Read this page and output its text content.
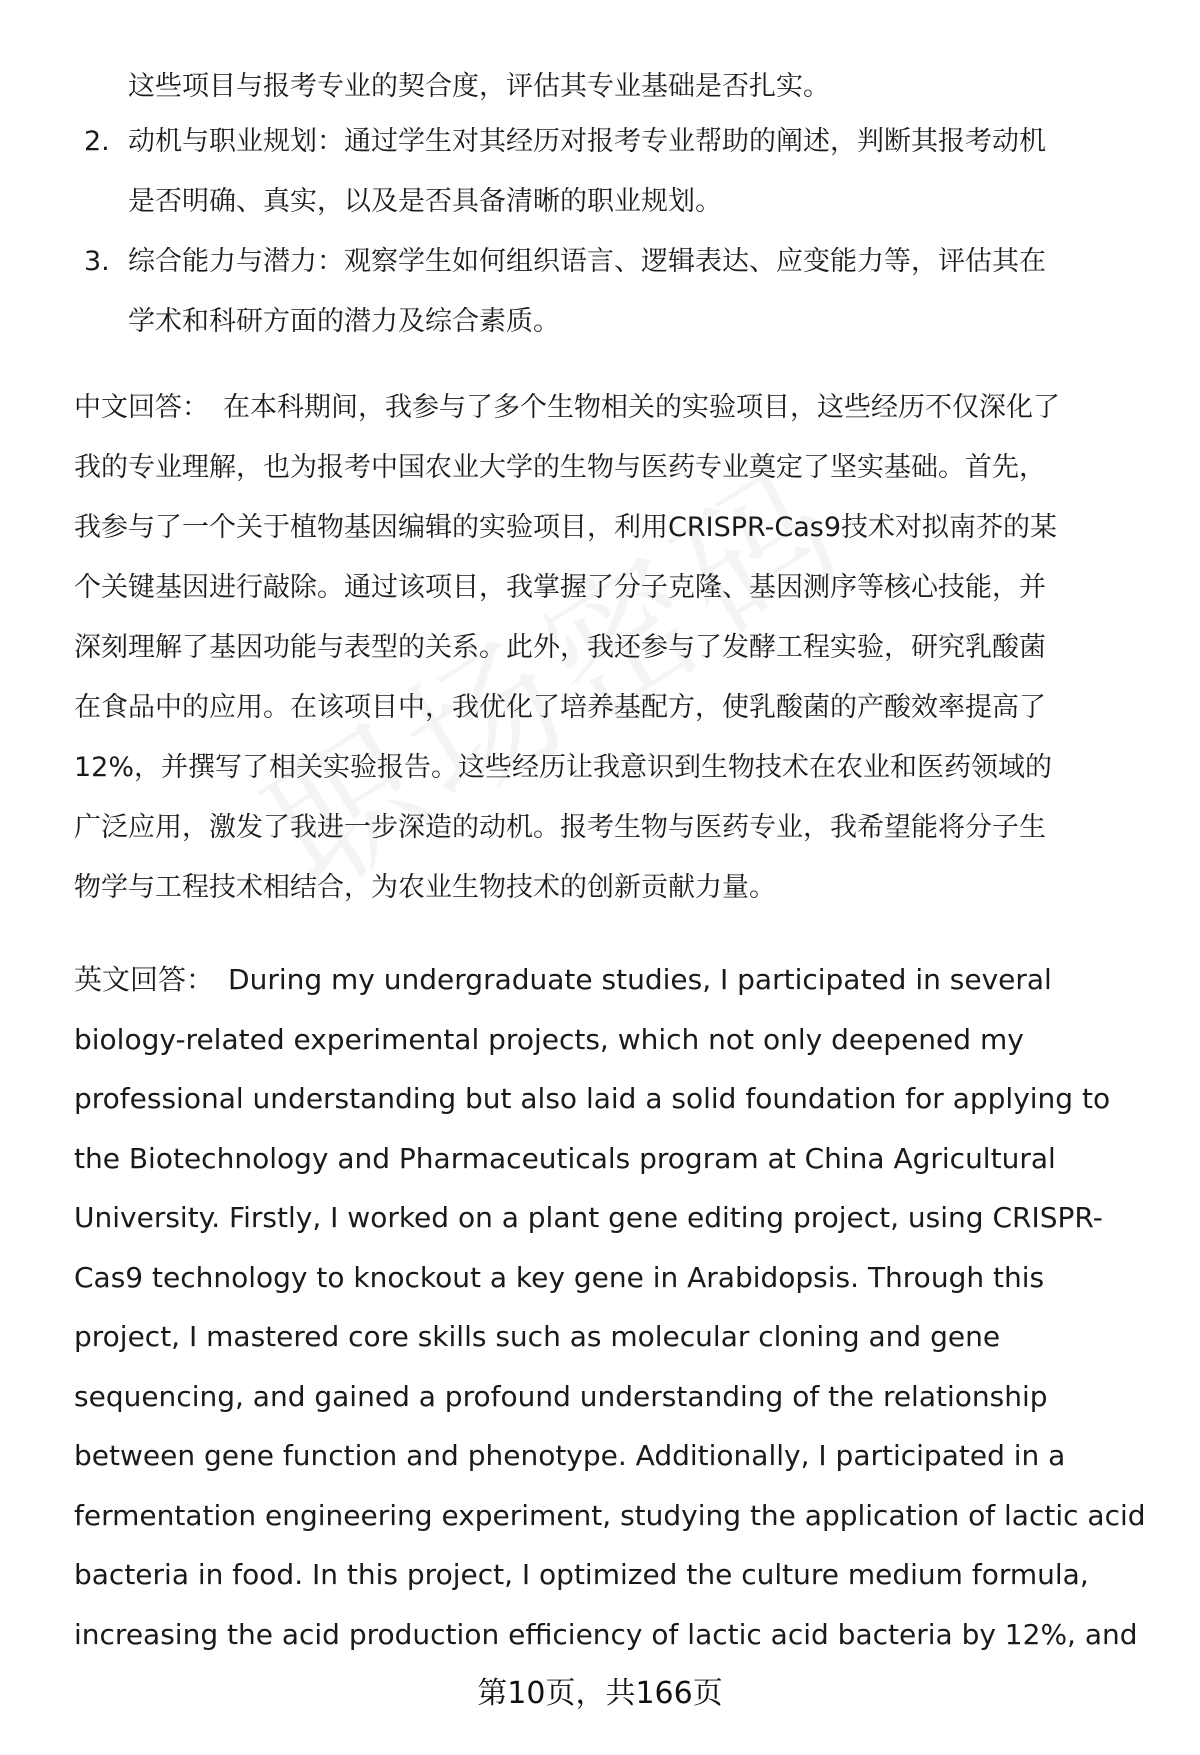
这些项目与报考专业的契合度，评估其专业基础是否扎实。
2. 动机与职业规划：通过学生对其经历对报考专业帮助的阐述，判断其报考动机
是否明确、真实，以及是否具备清晰的职业规划。
3. 综合能力与潜力：观察学生如何组织语言、逻辑表达、应变能力等，评估其在
学术和科研方面的潜力及综合素质。
中文回答： 在本科期间，我参与了多个生物相关的实验项目，这些经历不仅深化了
我的专业理解，也为报考中国农业大学的生物与医药专业奠定了坚实基础。首先，
我参与了一个关于植物基因编辑的实验项目，利用CRISPR-Cas9技术对拟南芥的某
个关键基因进行敲除。通过该项目，我掌握了分子克隆、基因测序等核心技能，并
深刻理解了基因功能与表型的关系。此外，我还参与了发酵工程实验，研究乳酸菌
在食品中的应用。在该项目中，我优化了培养基配方，使乳酸菌的产酸效率提高了
12%，并撰写了相关实验报告。这些经历让我意识到生物技术在农业和医药领域的
广泛应用，激发了我进一步深造的动机。报考生物与医药专业，我希望能将分子生
物学与工程技术相结合，为农业生物技术的创新贡献力量。
英文回答： During my undergraduate studies, I participated in several
biology-related experimental projects, which not only deepened my
professional understanding but also laid a solid foundation for applying to
the Biotechnology and Pharmaceuticals program at China Agricultural
University. Firstly, I worked on a plant gene editing project, using CRISPR-
Cas9 technology to knockout a key gene in Arabidopsis. Through this
project, I mastered core skills such as molecular cloning and gene
sequencing, and gained a profound understanding of the relationship
between gene function and phenotype. Additionally, I participated in a
fermentation engineering experiment, studying the application of lactic acid
bacteria in food. In this project, I optimized the culture medium formula,
increasing the acid production efficiency of lactic acid bacteria by 12%, and
第10页，共166页
